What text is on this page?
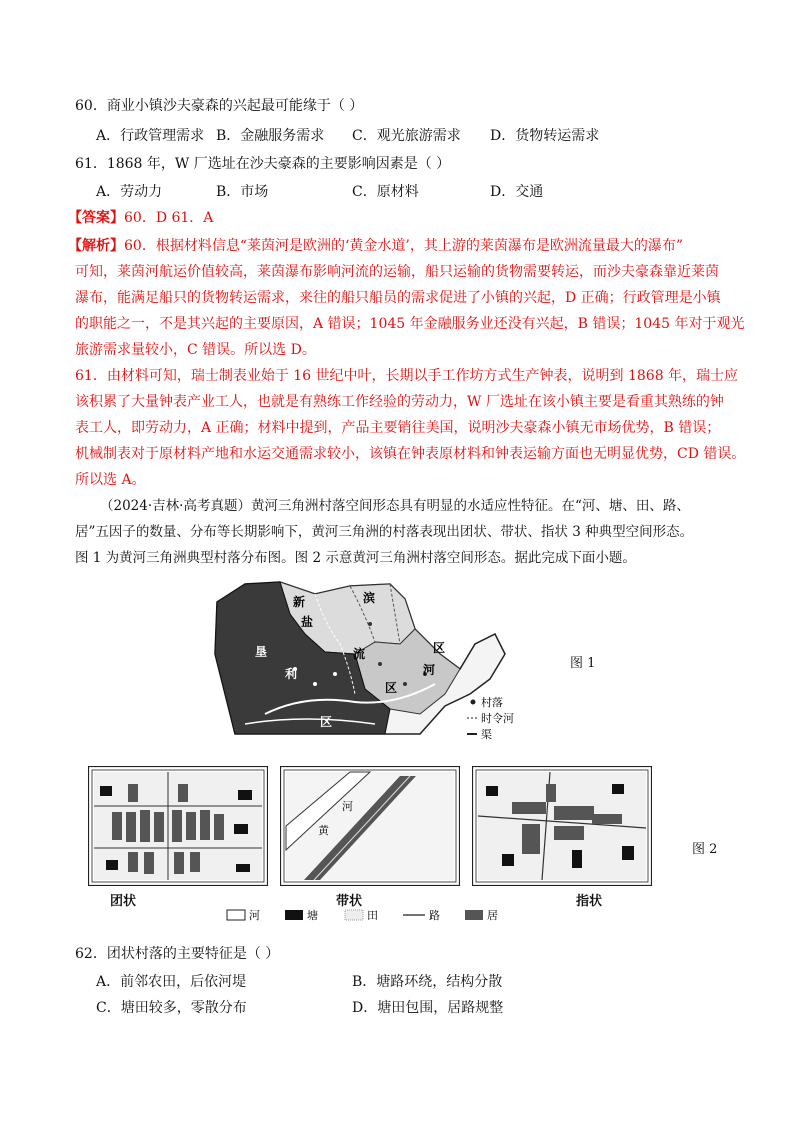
60．商业小镇沙夫豪森的兴起最可能缘于（ ）
A．行政管理需求 B．金融服务需求 C．观光旅游需求 D．货物转运需求
61．1868 年，W 厂选址在沙夫豪森的主要影响因素是（ ）
A．劳动力	B．市场	C．原材料	D．交通
【答案】60．D 61．A
【解析】60．根据材料信息“莱茵河是欧洲的‘黄金水道’，其上游的莱茵瀑布是欧洲流量最大的瀑布”
可知，莱茵河航运价值较高，莱茵瀑布影响河流的运输，船只运输的货物需要转运，而沙夫豪森靠近莱茵
瀑布，能满足船只的货物转运需求，来往的船只船员的需求促进了小镇的兴起，D 正确；行政管理是小镇
的职能之一，不是其兴起的主要原因，A 错误；1045 年金融服务业还没有兴起，B 错误；1045 年对于观光
旅游需求量较小，C 错误。所以选 D。
61．由材料可知，瑞士制表业始于 16 世纪中叶，长期以手工作坊方式生产钟表，说明到 1868 年，瑞士应
该积累了大量钟表产业工人，也就是有熟练工作经验的劳动力，W 厂选址在该小镇主要是看重其熟练的钟
表工人，即劳动力，A 正确；材料中提到，产品主要销往美国，说明沙夫豪森小镇无市场优势，B 错误；
机械制表对于原材料产地和水运交通需求较小，该镇在钟表原材料和钟表运输方面也无明显优势，CD 错误。
所以选 A。
（2024·吉林·高考真题）黄河三角洲村落空间形态具有明显的水适应性特征。在“河、塘、田、路、
居”五因子的数量、分布等长期影响下，黄河三角洲的村落表现出团状、带状、指状 3 种典型空间形态。
图 1 为黄河三角洲典型村落分布图。图 2 示意黄河三角洲村落空间形态。据此完成下面小题。
新
盐
滨
河
区
流
区
垦
利
区
村落
时令河
渠
图 1
黄
河
团状	带状	指状
图 2
河	塘	田	路	居
62．团状村落的主要特征是（ ）
A．前邻农田，后依河堤	B．塘路环绕，结构分散
C．塘田较多，零散分布	D．塘田包围，居路规整
